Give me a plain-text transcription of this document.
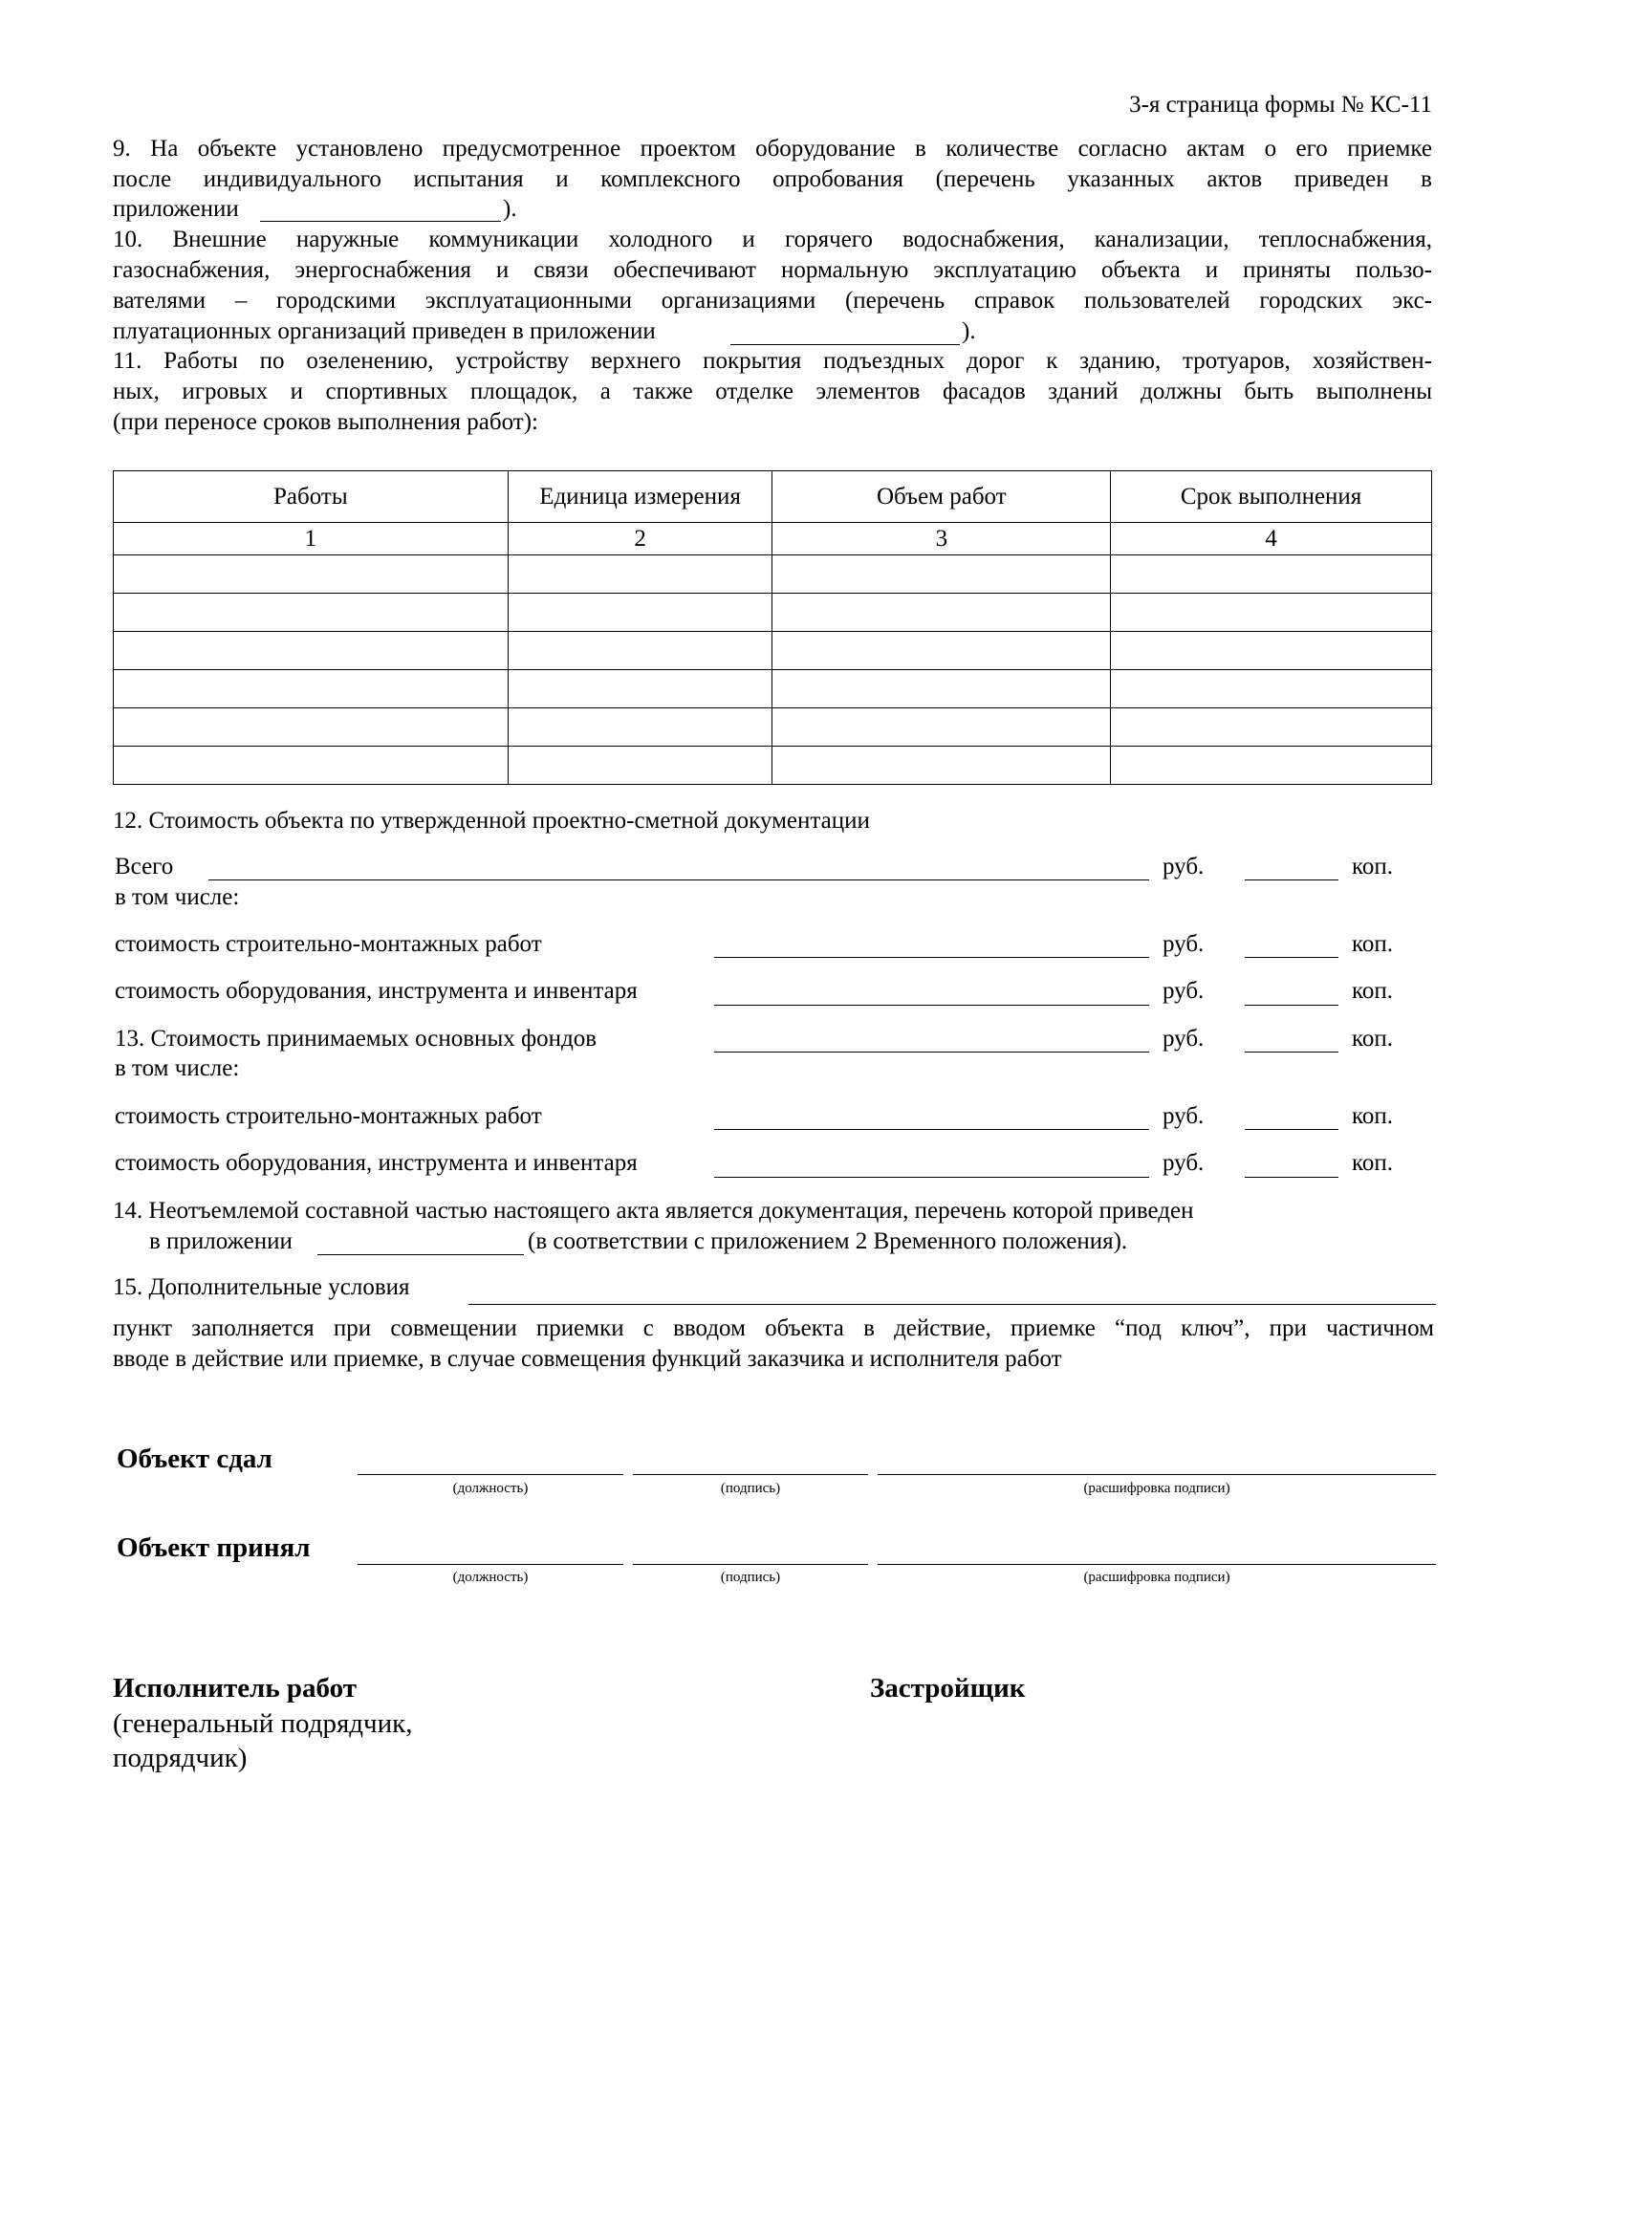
3-я страница формы № КС-11
9. На объекте установлено предусмотренное проектом оборудование в количестве согласно актам о его приемке
после индивидуального испытания и комплексного опробования (перечень указанных актов приведен в
приложении	).
10. Внешние наружные коммуникации холодного и горячего водоснабжения, канализации, теплоснабжения,
газоснабжения, энергоснабжения и связи обеспечивают нормальную эксплуатацию объекта и приняты пользо-
вателями – городскими эксплуатационными организациями (перечень справок пользователей городских экс-
плуатационных организаций приведен в приложении	).
11. Работы по озеленению, устройству верхнего покрытия подъездных дорог к зданию, тротуаров, хозяйствен-
ных, игровых и спортивных площадок, а также отделке элементов фасадов зданий должны быть выполнены
(при переносе сроков выполнения работ):
Работы	Единица измерения	Объем работ	Срок выполнения
1	2	3	4

12. Стоимость объекта по утвержденной проектно-сметной документации
Всего	руб.	коп.
в том числе:
стоимость строительно-монтажных работ	руб.	коп.
стоимость оборудования, инструмента и инвентаря	руб.	коп.
13. Стоимость принимаемых основных фондов	руб.	коп.
в том числе:
стоимость строительно-монтажных работ	руб.	коп.
стоимость оборудования, инструмента и инвентаря	руб.	коп.
14. Неотъемлемой составной частью настоящего акта является документация, перечень которой приведен
в приложении	(в соответствии с приложением 2 Временного положения).
15. Дополнительные условия
пункт заполняется при совмещении приемки с вводом объекта в действие, приемке “под ключ”, при частичном
вводе в действие или приемке, в случае совмещения функций заказчика и исполнителя работ
Объект сдал
(должность)	(подпись)	(расшифровка подписи)
Объект принял
(должность)	(подпись)	(расшифровка подписи)
Исполнитель работ
(генеральный подрядчик,
подрядчик)
Застройщик
